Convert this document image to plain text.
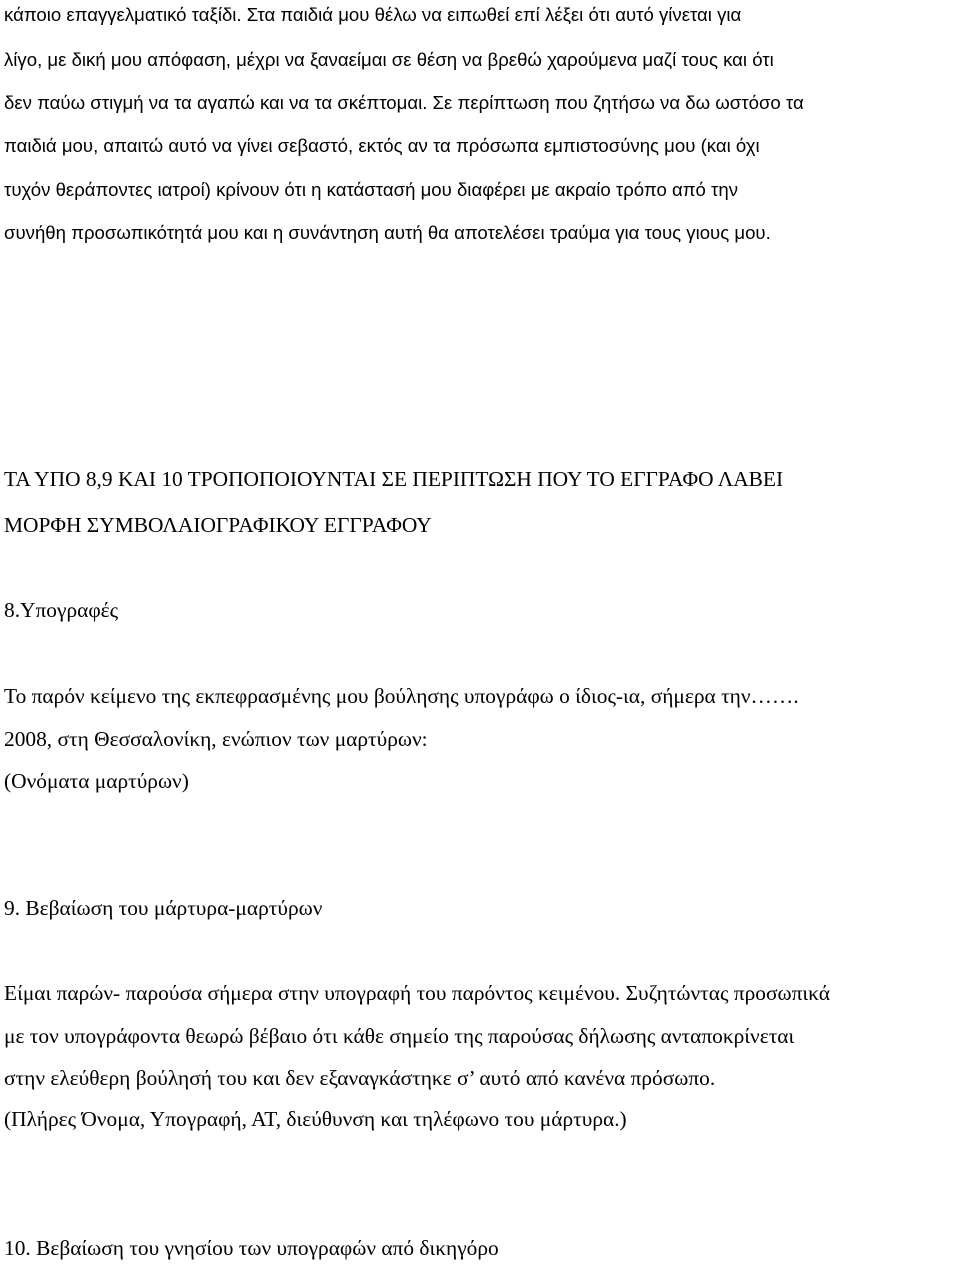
κάποιο επαγγελματικό ταξίδι. Στα παιδιά μου θέλω να ειπωθεί επί λέξει ότι αυτό γίνεται για
λίγο, με δική μου απόφαση, μέχρι να ξαναείμαι σε θέση να βρεθώ χαρούμενα μαζί τους και ότι
δεν παύω στιγμή να τα αγαπώ και να τα σκέπτομαι. Σε περίπτωση που ζητήσω να δω ωστόσο τα
παιδιά μου, απαιτώ αυτό να γίνει σεβαστό, εκτός αν τα πρόσωπα εμπιστοσύνης μου (και όχι
τυχόν θεράποντες ιατροί) κρίνουν ότι η κατάστασή μου διαφέρει με ακραίο τρόπο από την
συνήθη προσωπικότητά μου και η συνάντηση αυτή θα αποτελέσει τραύμα για τους γιους μου.
ΤΑ ΥΠΟ 8,9 ΚΑΙ 10 ΤΡΟΠΟΠΟΙΟΥΝΤΑΙ ΣΕ ΠΕΡΙΠΤΩΣΗ ΠΟΥ ΤΟ ΕΓΓΡΑΦΟ ΛΑΒΕΙ
ΜΟΡΦΗ ΣΥΜΒΟΛΑΙΟΓΡΑΦΙΚΟΥ ΕΓΓΡΑΦΟΥ
8.Υπογραφές
Το παρόν κείμενο της εκπεφρασμένης μου βούλησης υπογράφω ο ίδιος-ια, σήμερα την…….
2008, στη Θεσσαλονίκη, ενώπιον των μαρτύρων:
(Ονόματα μαρτύρων)
9. Βεβαίωση του μάρτυρα-μαρτύρων
Είμαι παρών- παρούσα σήμερα στην υπογραφή του παρόντος κειμένου. Συζητώντας προσωπικά
με τον υπογράφοντα θεωρώ βέβαιο ότι κάθε σημείο της παρούσας δήλωσης ανταποκρίνεται
στην ελεύθερη βούλησή του και δεν εξαναγκάστηκε σ’ αυτό από κανένα πρόσωπο.
(Πλήρες Όνομα, Υπογραφή, ΑΤ, διεύθυνση και τηλέφωνο του μάρτυρα.)
10. Βεβαίωση του γνησίου των υπογραφών από δικηγόρο
